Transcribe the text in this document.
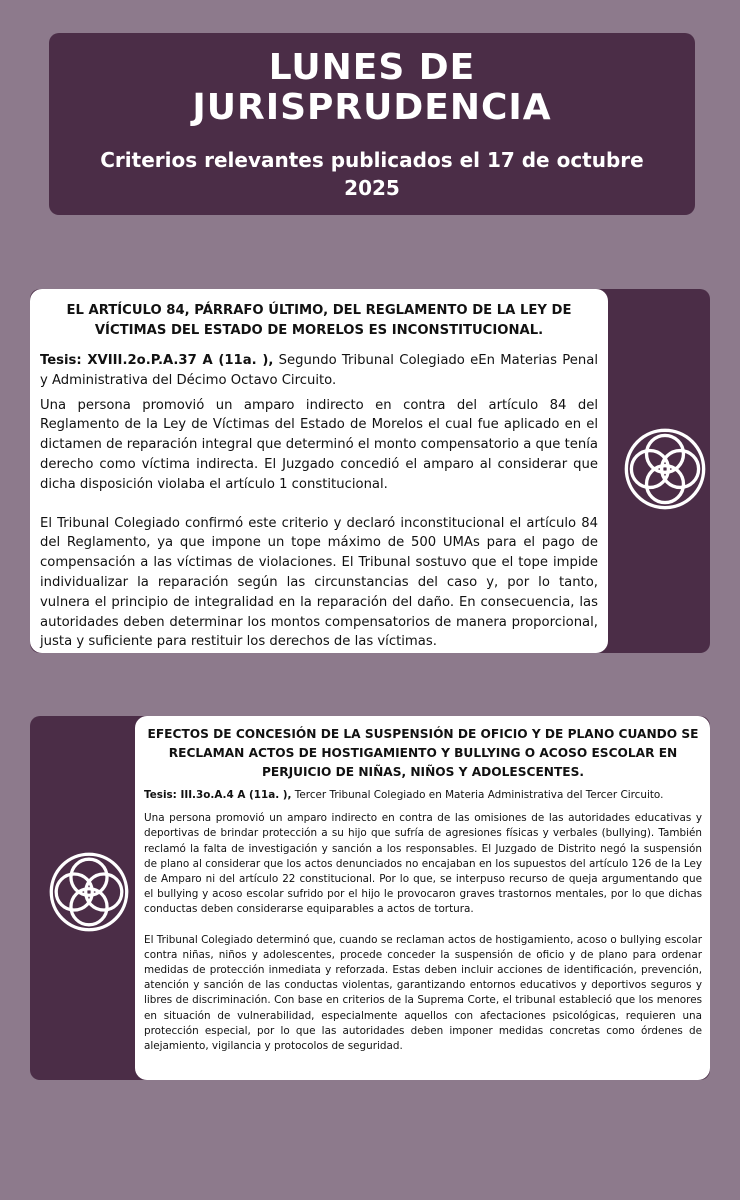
LUNES DE JURISPRUDENCIA
Criterios relevantes publicados el 17 de octubre 2025
EL ARTÍCULO 84, PÁRRAFO ÚLTIMO, DEL REGLAMENTO DE LA LEY DE VÍCTIMAS DEL ESTADO DE MORELOS ES INCONSTITUCIONAL.

Tesis: XVIII.2o.P.A.37 A (11a. ), Segundo Tribunal Colegiado eEn Materias Penal y Administrativa del Décimo Octavo Circuito.

Una persona promovió un amparo indirecto en contra del artículo 84 del Reglamento de la Ley de Víctimas del Estado de Morelos el cual fue aplicado en el dictamen de reparación integral que determinó el monto compensatorio a que tenía derecho como víctima indirecta. El Juzgado concedió el amparo al considerar que dicha disposición violaba el artículo 1 constitucional.

El Tribunal Colegiado confirmó este criterio y declaró inconstitucional el artículo 84 del Reglamento, ya que impone un tope máximo de 500 UMAs para el pago de compensación a las víctimas de violaciones. El Tribunal sostuvo que el tope impide individualizar la reparación según las circunstancias del caso y, por lo tanto, vulnera el principio de integralidad en la reparación del daño. En consecuencia, las autoridades deben determinar los montos compensatorios de manera proporcional, justa y suficiente para restituir los derechos de las víctimas.

EFECTOS DE CONCESIÓN DE LA SUSPENSIÓN DE OFICIO Y DE PLANO CUANDO SE RECLAMAN ACTOS DE HOSTIGAMIENTO Y BULLYING O ACOSO ESCOLAR EN PERJUICIO DE NIÑAS, NIÑOS Y ADOLESCENTES.

Tesis: III.3o.A.4 A (11a. ), Tercer Tribunal Colegiado en Materia Administrativa del Tercer Circuito.

Una persona promovió un amparo indirecto en contra de las omisiones de las autoridades educativas y deportivas de brindar protección a su hijo que sufría de agresiones físicas y verbales (bullying). También reclamó la falta de investigación y sanción a los responsables. El Juzgado de Distrito negó la suspensión de plano al considerar que los actos denunciados no encajaban en los supuestos del artículo 126 de la Ley de Amparo ni del artículo 22 constitucional. Por lo que, se interpuso recurso de queja argumentando que el bullying y acoso escolar sufrido por el hijo le provocaron graves trastornos mentales, por lo que dichas conductas deben considerarse equiparables a actos de tortura.

El Tribunal Colegiado determinó que, cuando se reclaman actos de hostigamiento, acoso o bullying escolar contra niñas, niños y adolescentes, procede conceder la suspensión de oficio y de plano para ordenar medidas de protección inmediata y reforzada. Estas deben incluir acciones de identificación, prevención, atención y sanción de las conductas violentas, garantizando entornos educativos y deportivos seguros y libres de discriminación. Con base en criterios de la Suprema Corte, el tribunal estableció que los menores en situación de vulnerabilidad, especialmente aquellos con afectaciones psicológicas, requieren una protección especial, por lo que las autoridades deben imponer medidas concretas como órdenes de alejamiento, vigilancia y protocolos de seguridad.
